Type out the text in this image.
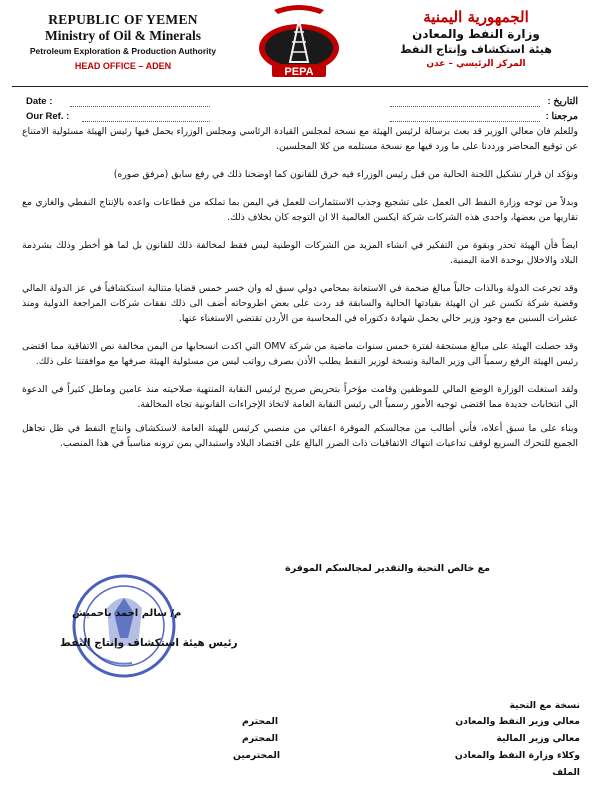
REPUBLIC OF YEMEN
Ministry of Oil & Minerals
Petroleum Exploration & Production Authority
HEAD OFFICE – ADEN	PEPA
الجمهورية اليمنية
وزارة النفط والمعادن
هيئة استكشاف وإنتاج النفط
المركز الرئيسي – عدن
Date :
Our Ref. :
التاريخ :
مرجعنا :

وللعلم فان معالي الوزير قد بعث برسالة لرئيس الهيئة مع نسخة لمجلس القيادة الرئاسي ومجلس الوزراء يحمل فيها رئيس الهيئة مسئولية الامتناع عن توقيع المحاضر ورددنا على ما ورد فيها مع نسخة مستلمه من كلا المجلسين.

ونؤكد ان قرار تشكيل اللجنة الحالية من قبل رئيس الوزراء فيه خرق للقانون كما اوضحنا ذلك في رفع سابق (مرفق صوره)

وبدلاً من توجه وزارة النفط الى العمل على تشجيع وجذب الاستثمارات للعمل في اليمن بما تملكه من قطاعات واعده بالإنتاج النفطي والغازي مع تقاريها من بعضها، واحدى هذه الشركات شركة ايكسن العالمية الا ان التوجه كان بخلاف ذلك.

ايضاً فأن الهيئة تحذر وبقوة من التفكير في انشاء المزيد من الشركات الوطنية ليس فقط لمخالفة ذلك للقانون بل لما هو أخطر وذلك بشرذمة البلاد والاخلال بوحدة الامة اليمنية.

وقد تجرعت الدولة وبالذات حالياً مبالغ ضخمة في الاستعانة بمحامي دولي سبق له وان خسر خمس قضايا متتالية استكشافياً في عز الدولة المالي وقضية شركة تكسن غير ان الهيئة بقيادتها الحالية والسابقة قد ردت على بعض اطروحاته أضف الى ذلك نفقات شركات المراجعة الدولية ومنذ عشرات السنين مع وجود وزير حالي يحمل شهادة دكتوراه في المحاسبة من الأردن تقتضي الاستغناء عنها.

وقد حصلت الهيئة على مبالغ مستحقة لفترة خمس سنوات ماضية من شركة OMV التي اكدت انسحابها من اليمن مخالفة نص الاتفاقية مما اقتضى رئيس الهيئة الرفع رسمياً الى وزير المالية ونسخة لوزير النفط يطلب الأذن بصرف رواتب ليس من مسئولية الهيئة صرفها مع موافقتنا على ذلك.

ولقد استغلت الوزارة الوضع المالي للموظفين وقامت مؤخراً بتحريض صريح لرئيس النقابة المنتهية صلاحيته منذ عامين وماطل كثيراً في الدعوة الى انتخابات جديدة مما اقتضى توجيه الأمور رسمياً الى رئيس النقابة العامة لاتخاذ الإجراءات القانونية تجاه المخالفة.

وبناء على ما سبق أعلاه، فأني أطالب من مجالسكم الموقرة اعفائي من منصبي كرئيس للهيئة العامة لاستكشاف وانتاج النفط في ظل تجاهل الجميع للتحرك السريع لوقف تداعيات انتهاك الاتفاقيات ذات الضرر البالغ على اقتصاد البلاد واستبدالي بمن ترونه مناسباً في هذا المنصب.

مع خالص التحية والتقدير لمجالسكم الموقرة
م/ سالم احمد باحميش
رئيس هيئة استكشاف وإنتاج النفط
نسخة مع التحية
معالي وزير النفط والمعادن
المحترم
معالي وزير المالية
المحترم
وكلاء وزارة النفط والمعادن
المحترمين
الملف
